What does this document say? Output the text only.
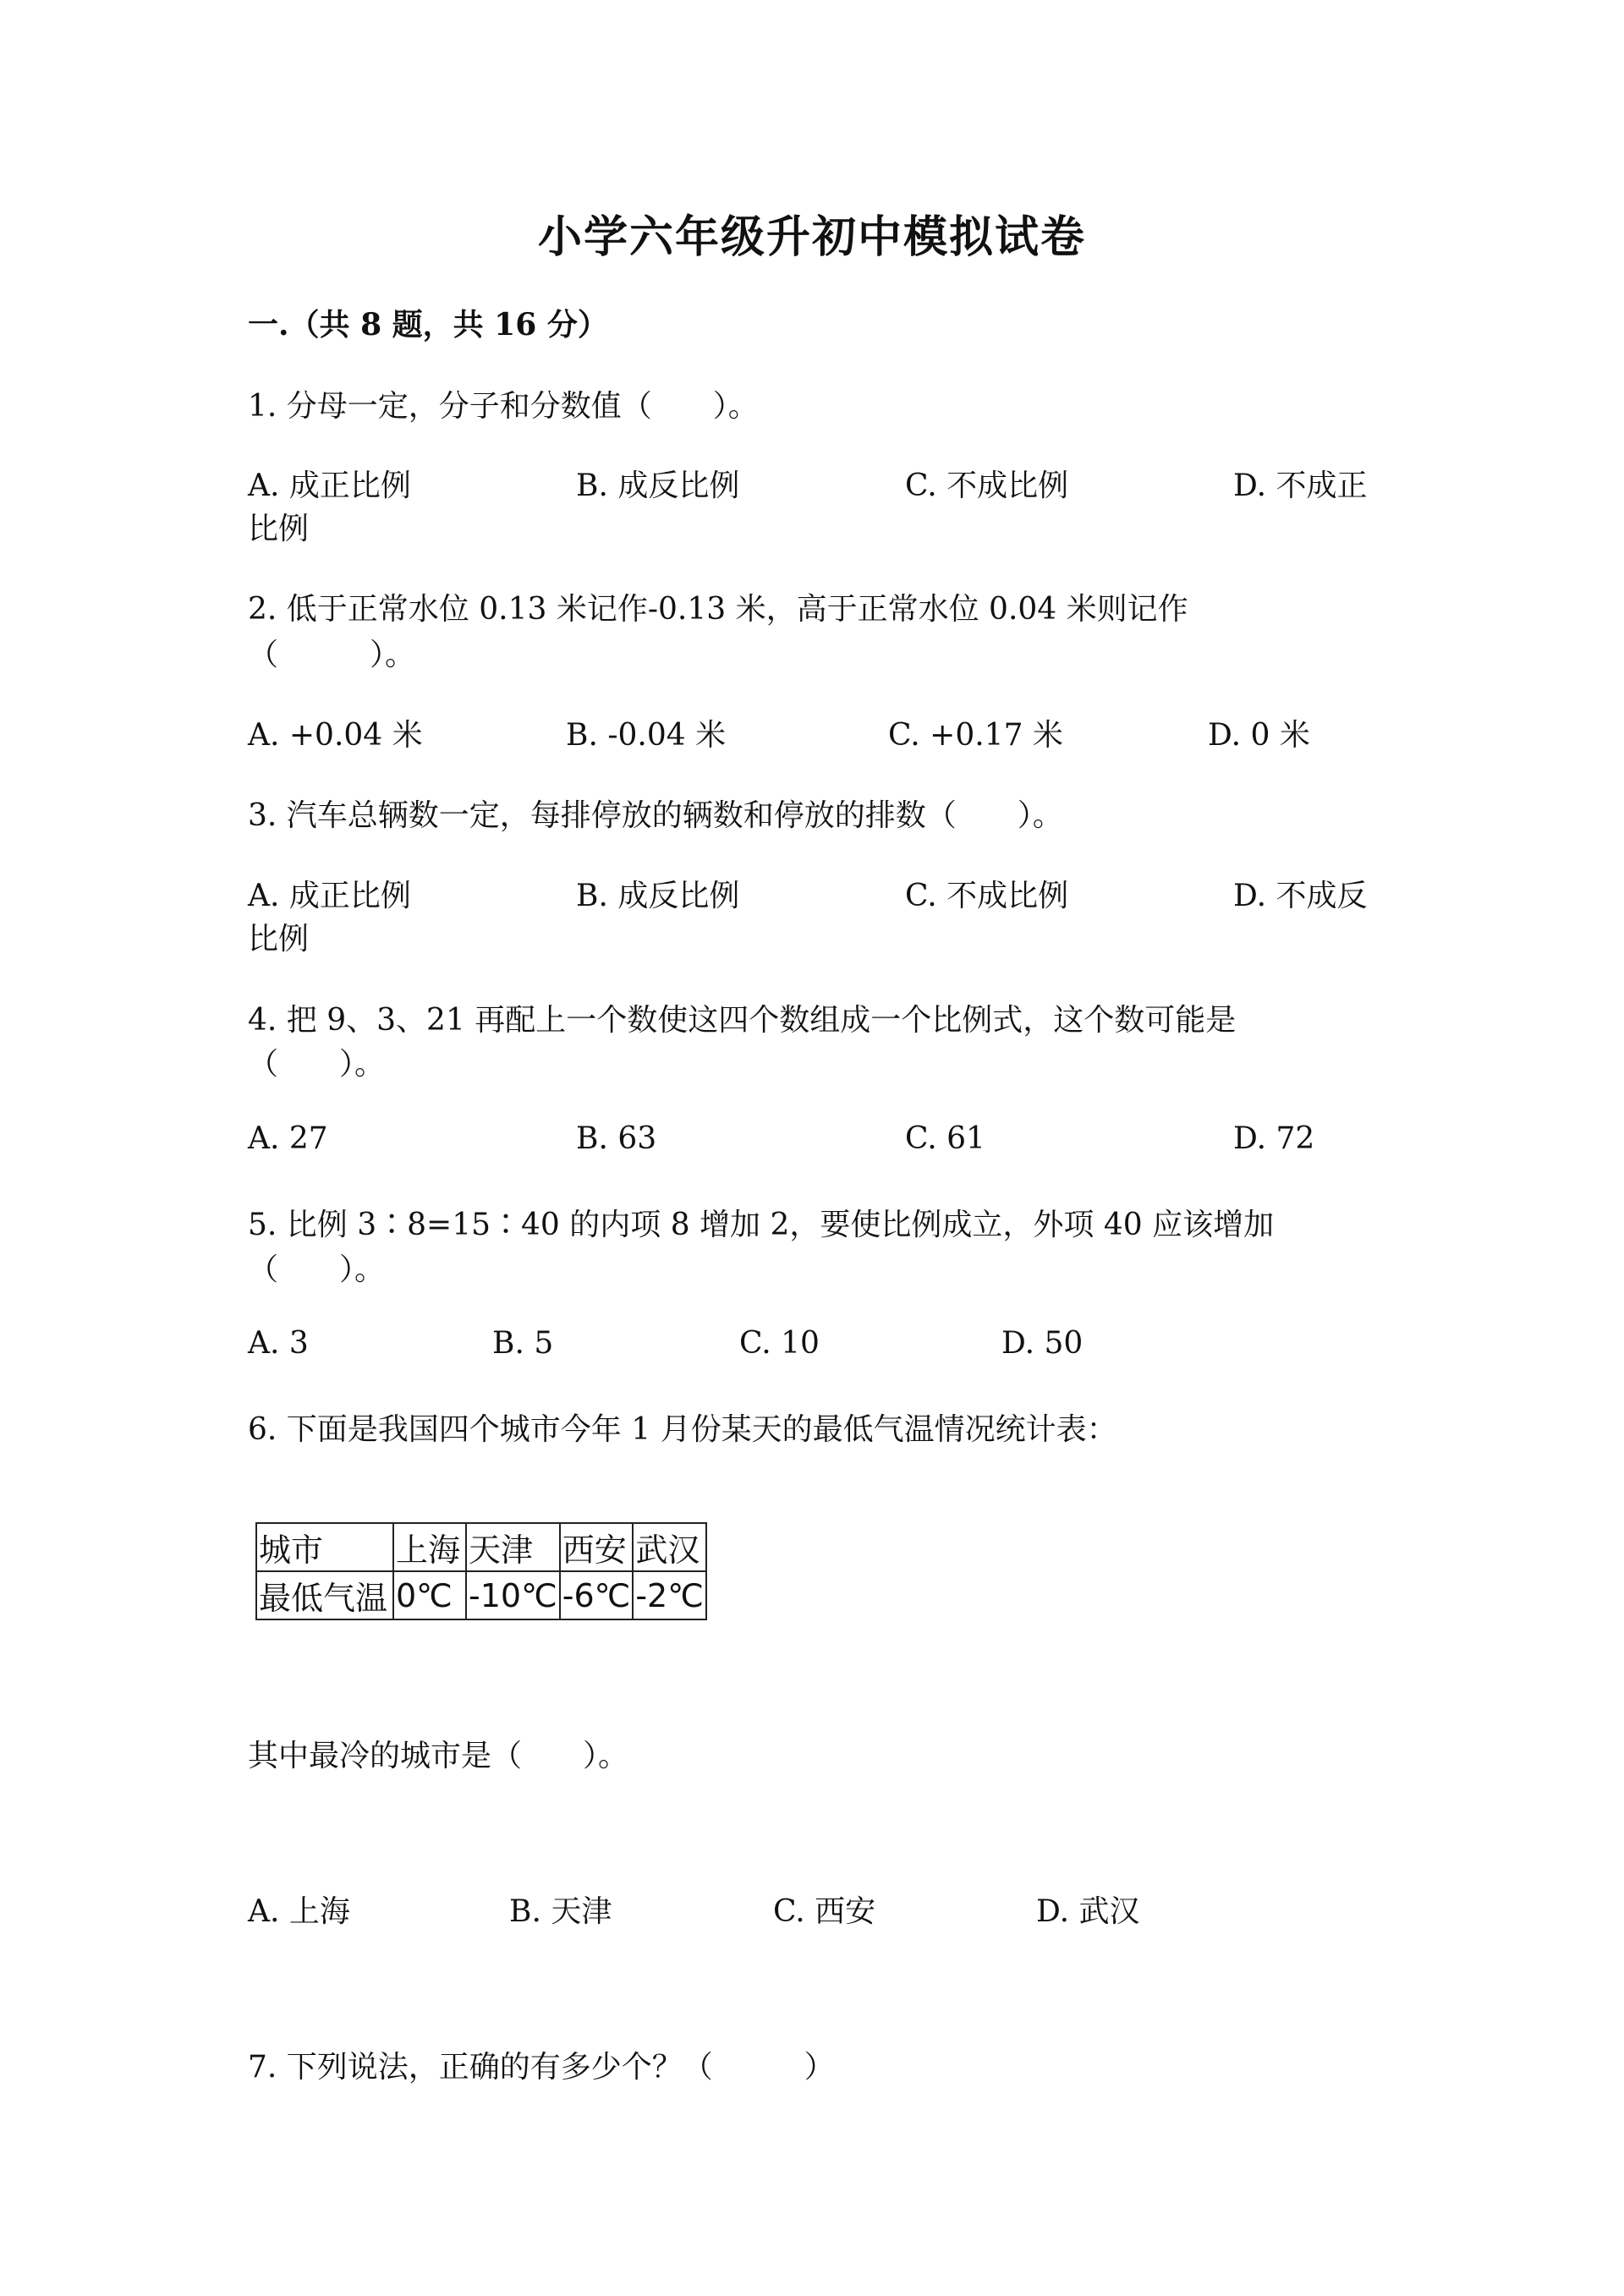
小学六年级升初中模拟试卷
一.（共 8 题，共 16 分）
1. 分母一定，分子和分数值（　　）。
A. 成正比例	B. 成反比例	C. 不成比例	D. 不成正
比例
2. 低于正常水位 0.13 米记作-0.13 米，高于正常水位 0.04 米则记作
（　　　）。
A. +0.04 米	B. -0.04 米	C. +0.17 米	D. 0 米
3. 汽车总辆数一定，每排停放的辆数和停放的排数（　　）。
A. 成正比例	B. 成反比例	C. 不成比例	D. 不成反
比例
4. 把 9、3、21 再配上一个数使这四个数组成一个比例式，这个数可能是
（　　）。
A. 27	B. 63	C. 61	D. 72
5. 比例 3∶8=15∶40 的内项 8 增加 2，要使比例成立，外项 40 应该增加
（　　）。
A. 3	B. 5	C. 10	D. 50
6. 下面是我国四个城市今年 1 月份某天的最低气温情况统计表：
城市	上海	天津	西安	武汉
最低气温	0℃	-10℃	-6℃	-2℃
其中最冷的城市是（　　）。
A. 上海	B. 天津	C. 西安	D. 武汉
7. 下列说法，正确的有多少个？（　　　）
